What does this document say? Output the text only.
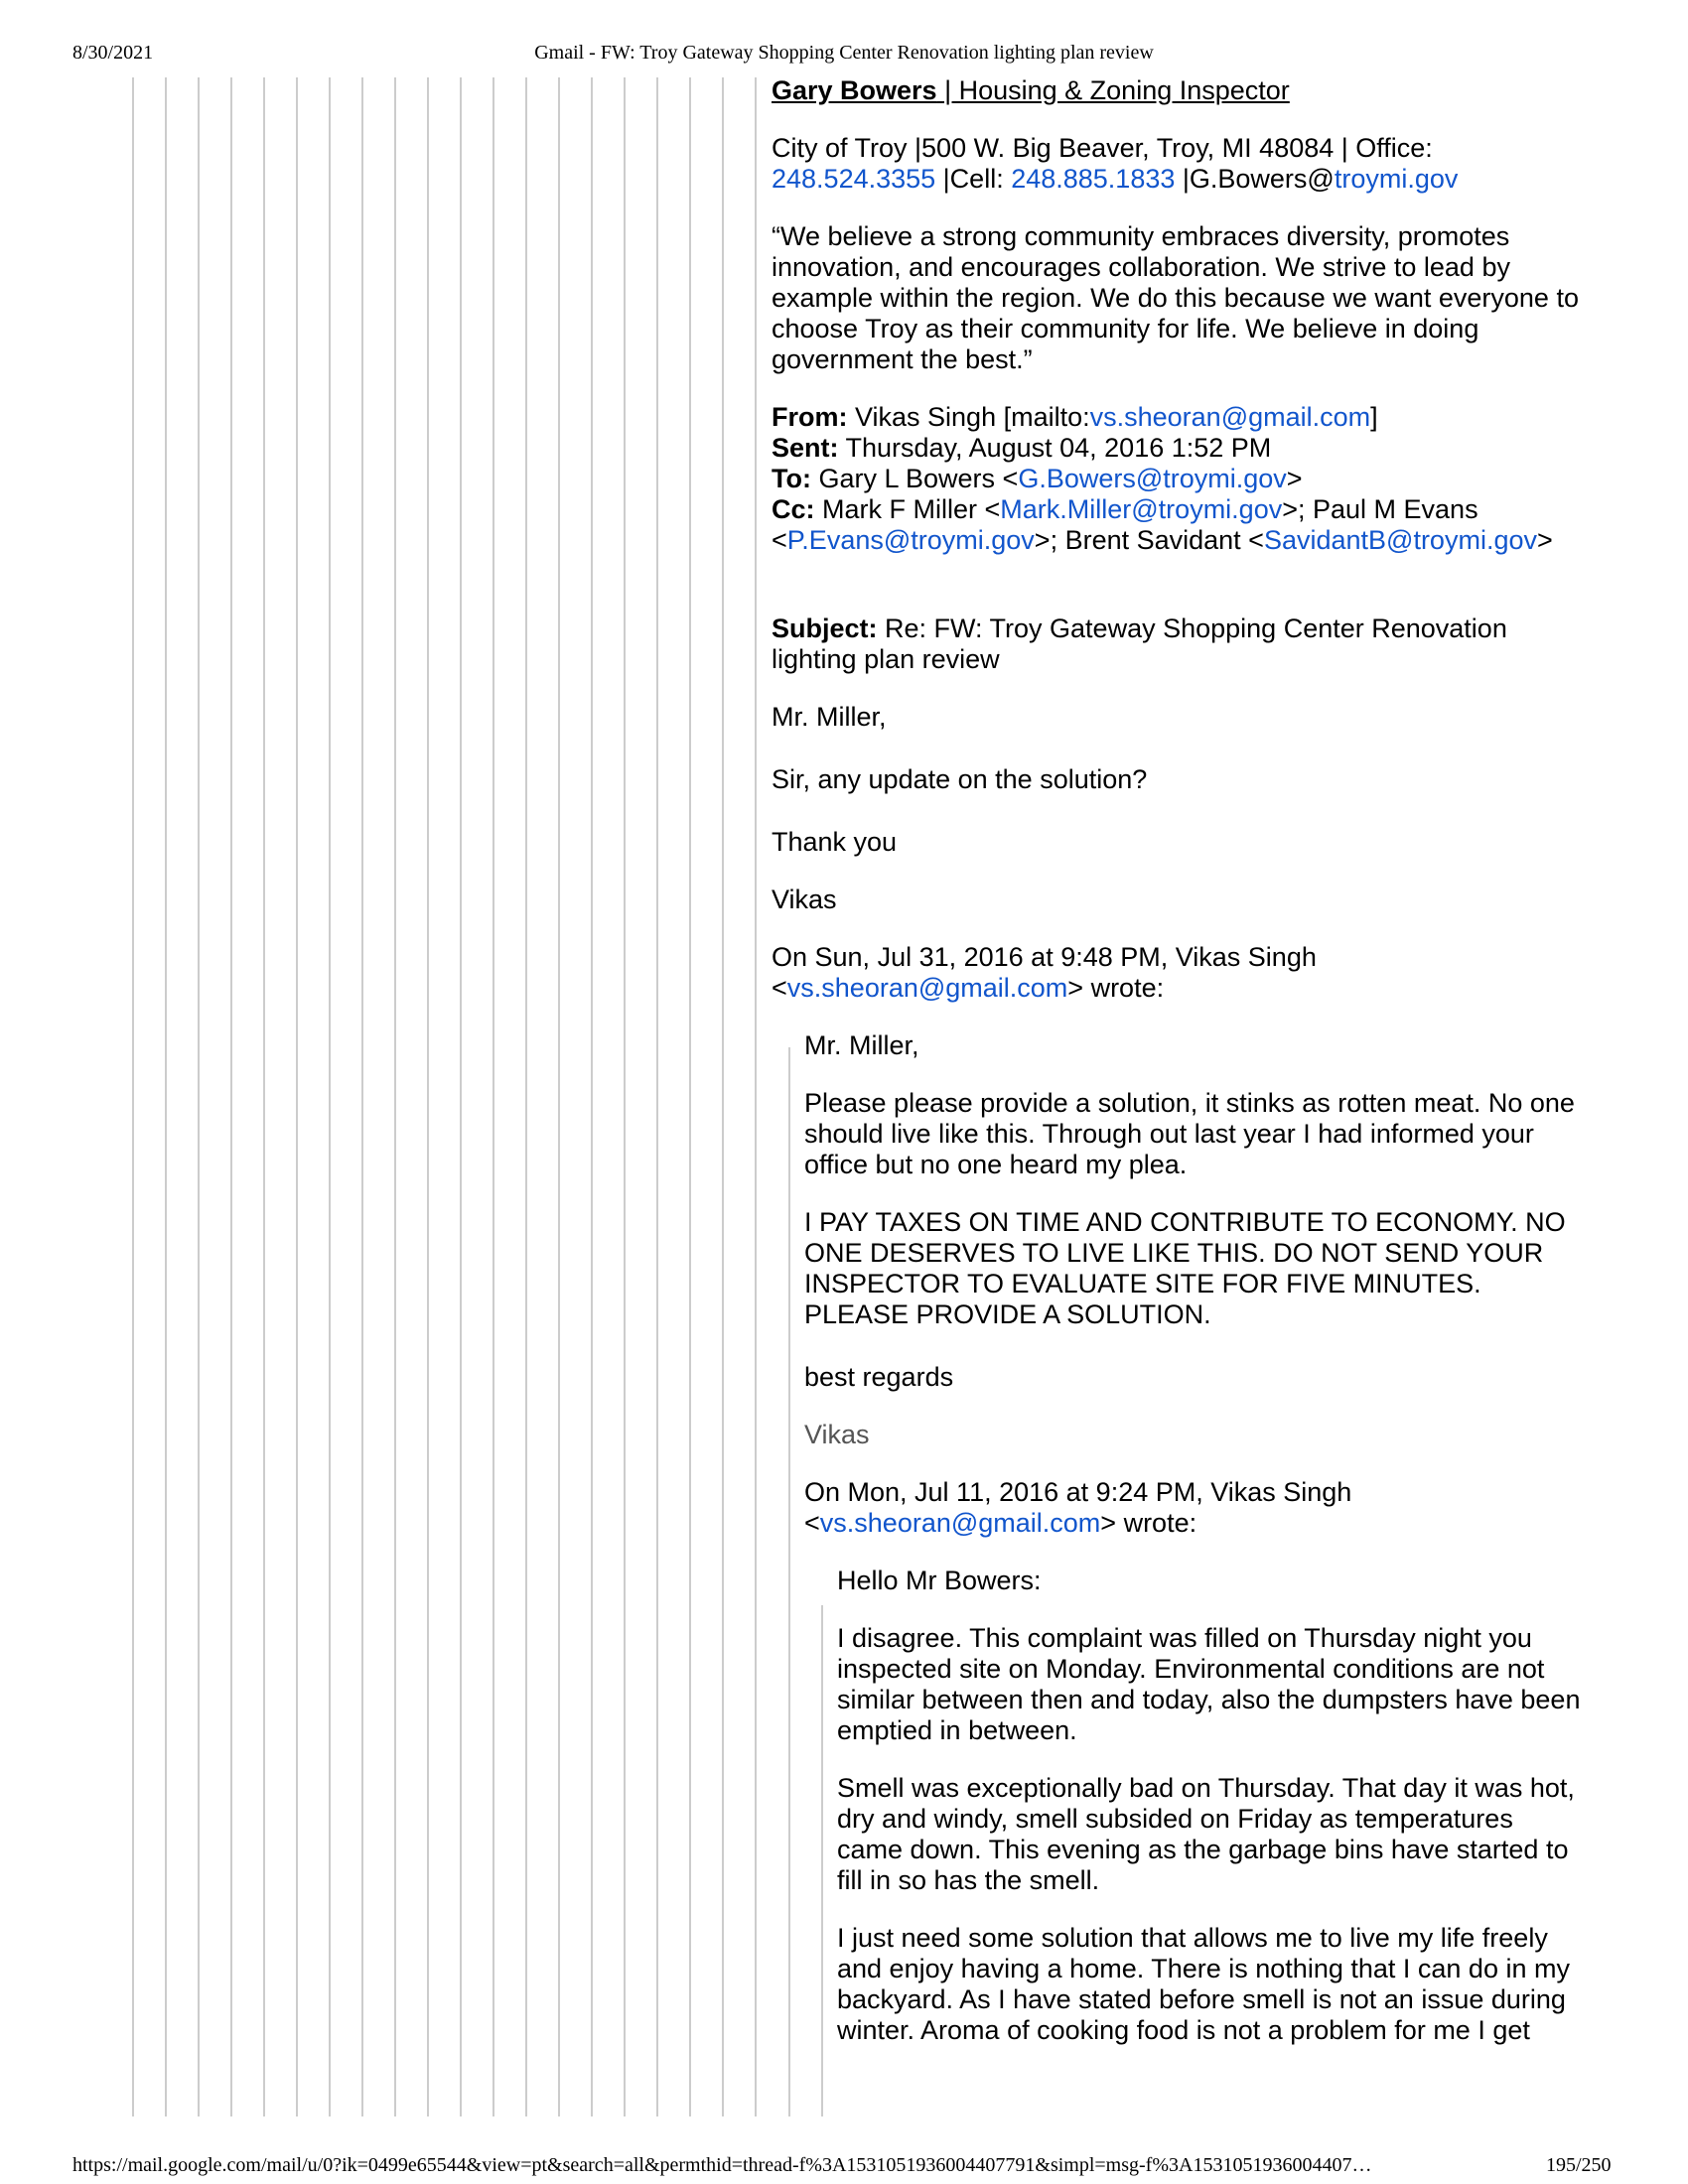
8/30/2021	Gmail - FW: Troy Gateway Shopping Center Renovation lighting plan review

Gary Bowers | Housing & Zoning Inspector

City of Troy |500 W. Big Beaver, Troy, MI 48084 | Office:
248.524.3355 |Cell: 248.885.1833 |G.Bowers@troymi.gov

“We believe a strong community embraces diversity, promotes innovation, and encourages collaboration. We strive to lead by example within the region. We do this because we want everyone to choose Troy as their community for life. We believe in doing government the best.”

From: Vikas Singh [mailto:vs.sheoran@gmail.com]
Sent: Thursday, August 04, 2016 1:52 PM
To: Gary L Bowers <G.Bowers@troymi.gov>
Cc: Mark F Miller <Mark.Miller@troymi.gov>; Paul M Evans
<P.Evans@troymi.gov>; Brent Savidant <SavidantB@troymi.gov>

Subject: Re: FW: Troy Gateway Shopping Center Renovation lighting plan review

Mr. Miller,

Sir, any update on the solution?

Thank you

Vikas

On Sun, Jul 31, 2016 at 9:48 PM, Vikas Singh
<vs.sheoran@gmail.com> wrote:

Mr. Miller,

Please please provide a solution, it stinks as rotten meat. No one should live like this. Through out last year I had informed your office but no one heard my plea.

I PAY TAXES ON TIME AND CONTRIBUTE TO ECONOMY. NO ONE DESERVES TO LIVE LIKE THIS. DO NOT SEND YOUR INSPECTOR TO EVALUATE SITE FOR FIVE MINUTES. PLEASE PROVIDE A SOLUTION.

best regards

Vikas

On Mon, Jul 11, 2016 at 9:24 PM, Vikas Singh
<vs.sheoran@gmail.com> wrote:

Hello Mr Bowers:

I disagree. This complaint was filled on Thursday night you inspected site on Monday. Environmental conditions are not similar between then and today, also the dumpsters have been emptied in between.

Smell was exceptionally bad on Thursday. That day it was hot, dry and windy, smell subsided on Friday as temperatures came down. This evening as the garbage bins have started to fill in so has the smell.

I just need some solution that allows me to live my life freely and enjoy having a home. There is nothing that I can do in my backyard. As I have stated before smell is not an issue during winter. Aroma of cooking food is not a problem for me I get

https://mail.google.com/mail/u/0?ik=0499e65544&view=pt&search=all&permthid=thread-f%3A1531051936004407791&simpl=msg-f%3A1531051936004407…	195/250
